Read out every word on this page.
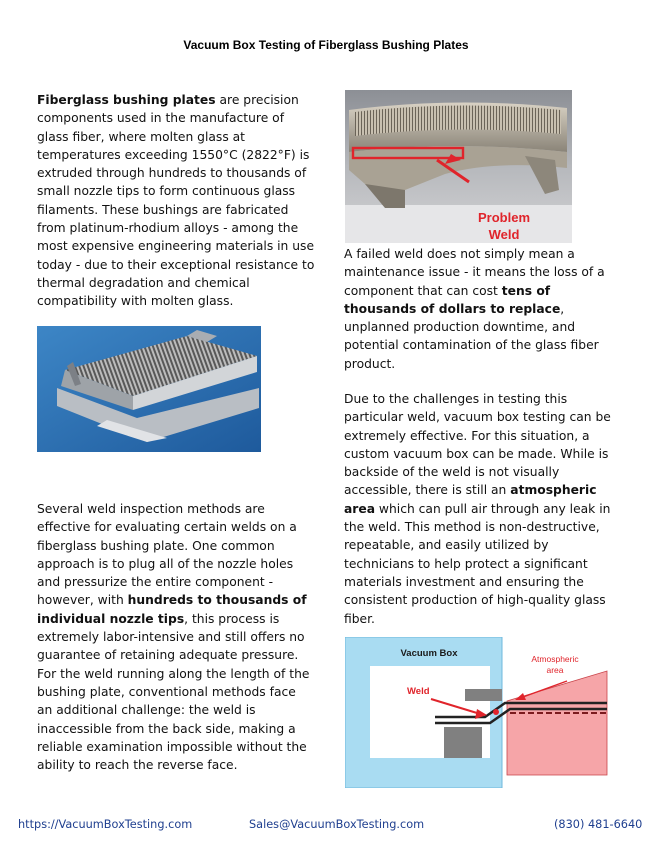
Vacuum Box Testing of Fiberglass Bushing Plates

Fiberglass bushing plates are precision components used in the manufacture of glass fiber, where molten glass at temperatures exceeding 1550°C (2822°F) is extruded through hundreds to thousands of small nozzle tips to form continuous glass filaments. These bushings are fabricated from platinum-rhodium alloys - among the most expensive engineering materials in use today - due to their exceptional resistance to thermal degradation and chemical compatibility with molten glass.

Problem
Weld

A failed weld does not simply mean a maintenance issue - it means the loss of a component that can cost tens of thousands of dollars to replace, unplanned production downtime, and potential contamination of the glass fiber product.

Several weld inspection methods are effective for evaluating certain welds on a fiberglass bushing plate. One common approach is to plug all of the nozzle holes and pressurize the entire component - however, with hundreds to thousands of individual nozzle tips, this process is extremely labor-intensive and still offers no guarantee of retaining adequate pressure. For the weld running along the length of the bushing plate, conventional methods face an additional challenge: the weld is inaccessible from the back side, making a reliable examination impossible without the ability to reach the reverse face.

Due to the challenges in testing this particular weld, vacuum box testing can be extremely effective. For this situation, a custom vacuum box can be made. While is backside of the weld is not visually accessible, there is still an atmospheric area which can pull air through any leak in the weld. This method is non-destructive, repeatable, and easily utilized by technicians to help protect a significant materials investment and ensuring the consistent production of high-quality glass fiber.

Vacuum Box
Weld
Atmospheric
area
https://VacuumBoxTesting.com	Sales@VacuumBoxTesting.com	(830) 481-6640
